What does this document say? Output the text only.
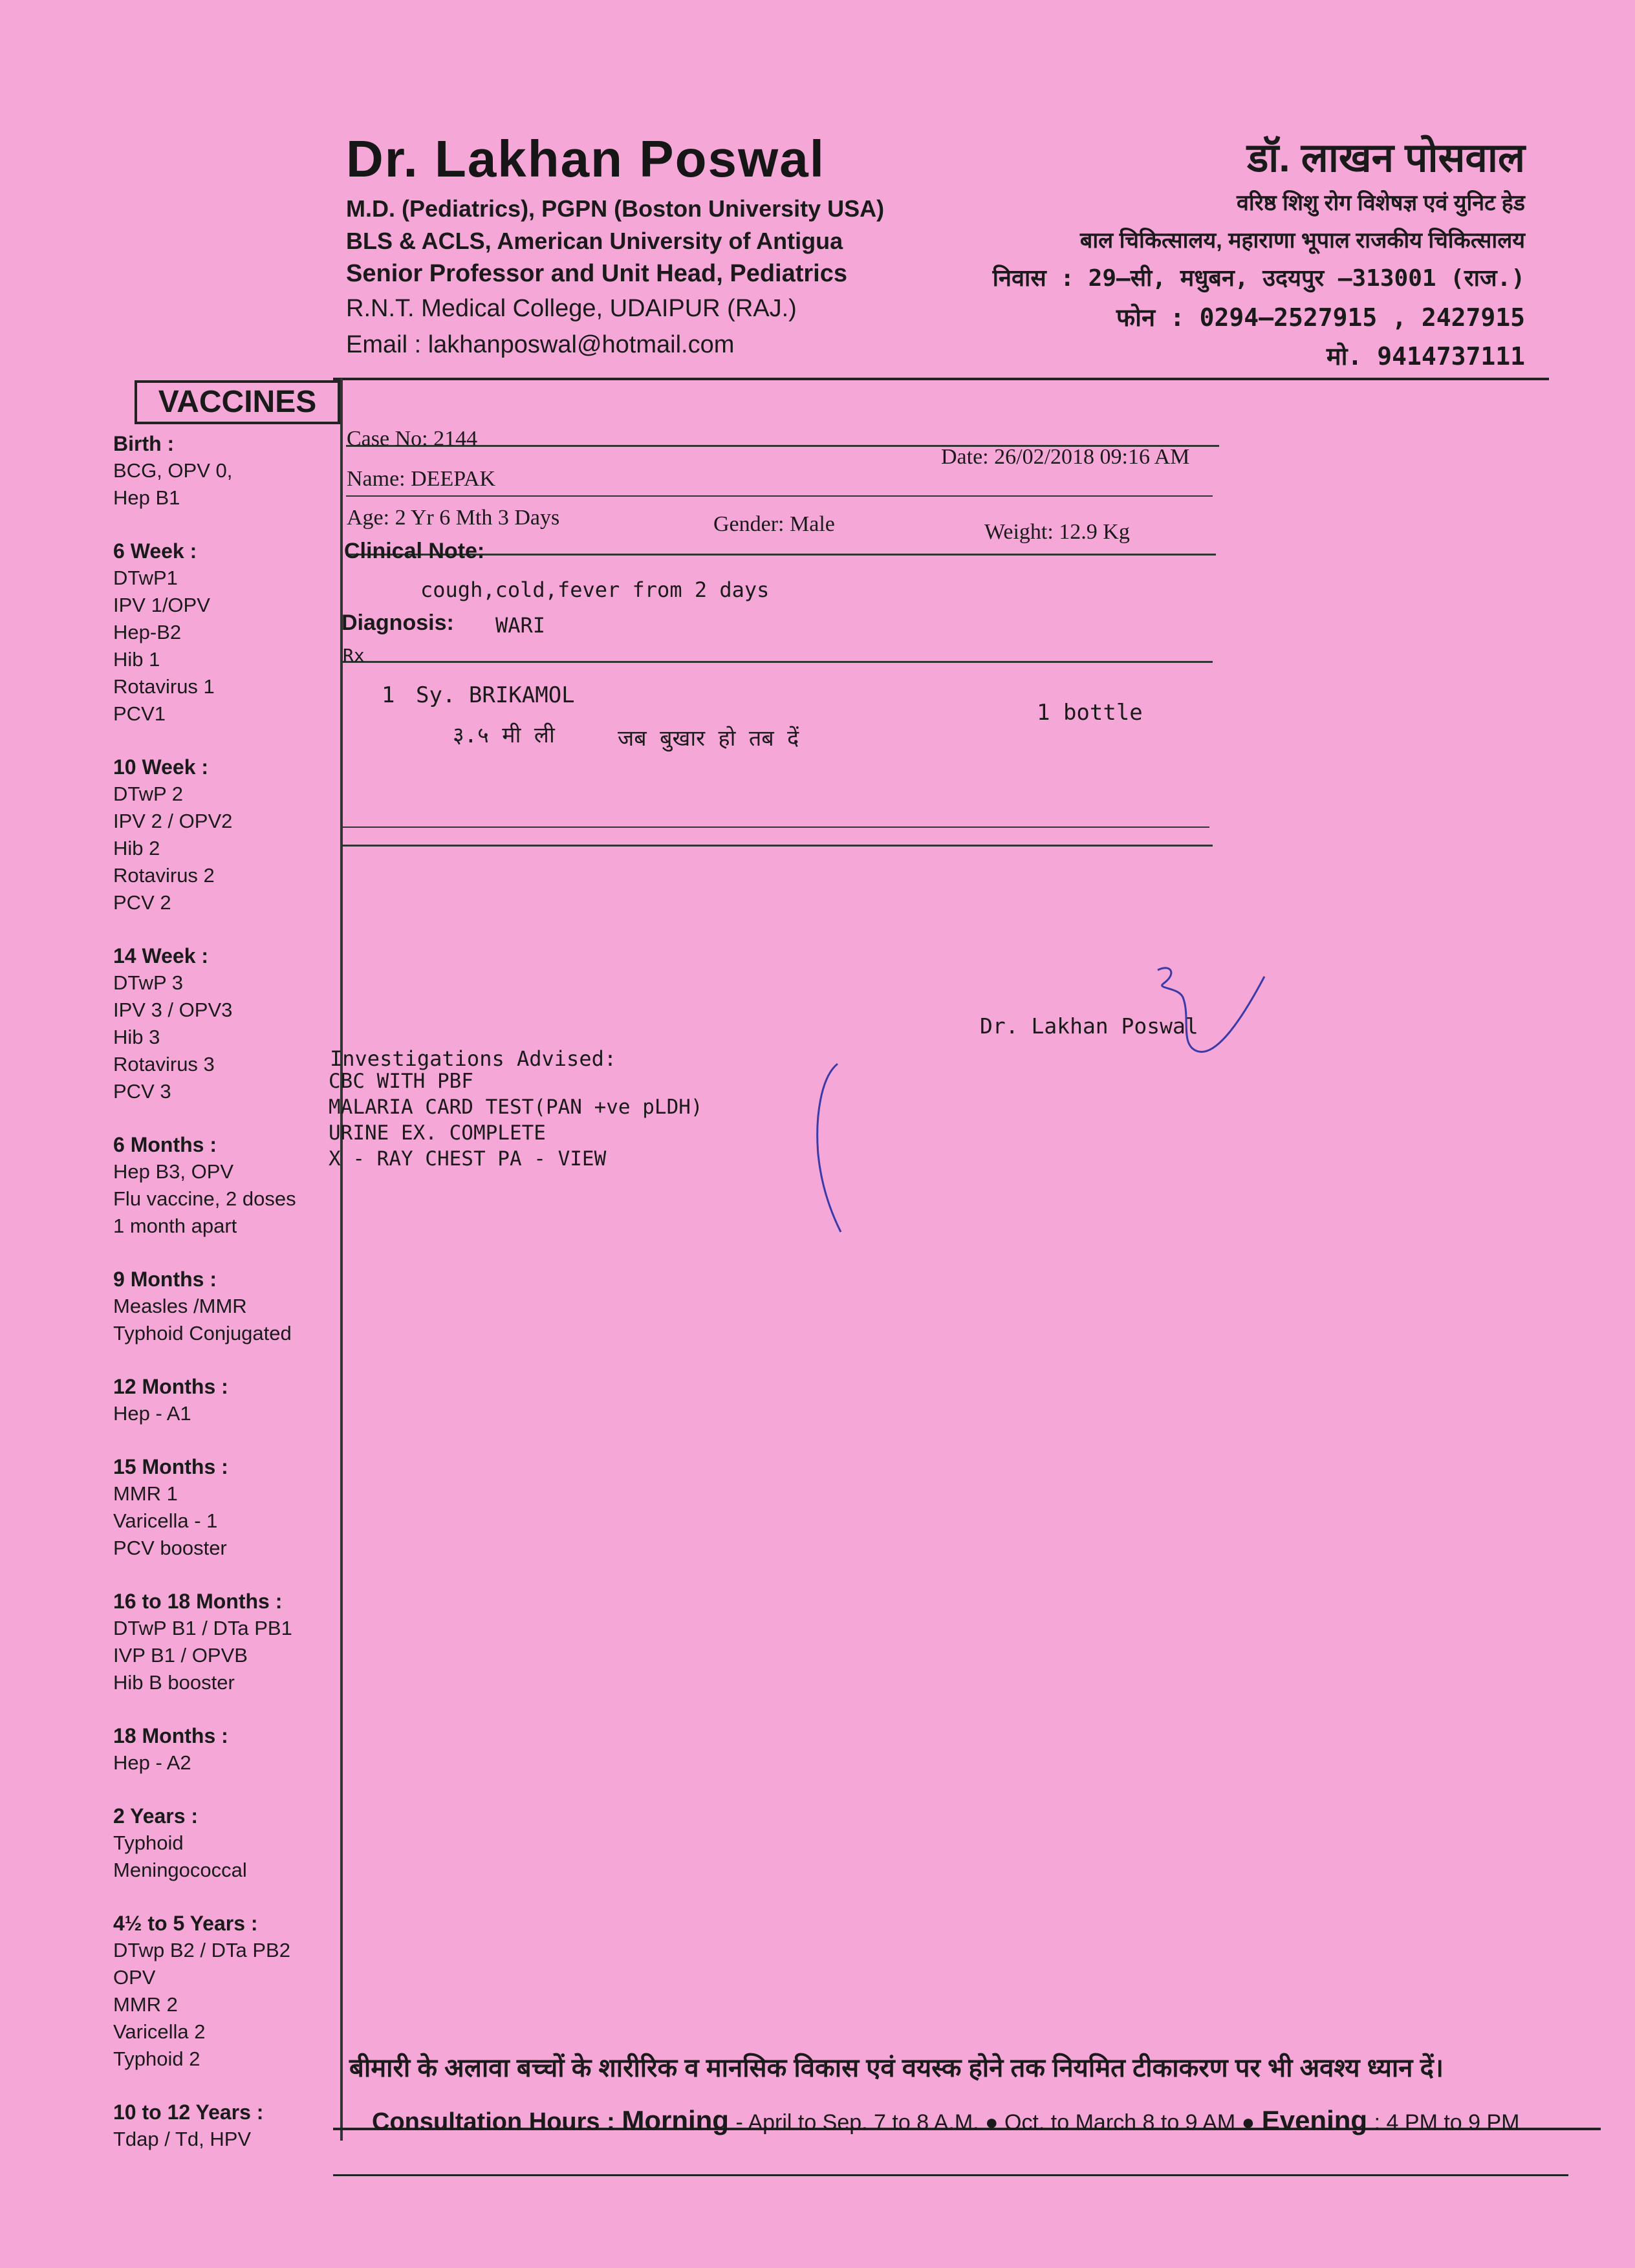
Dr. Lakhan Poswal
M.D. (Pediatrics), PGPN (Boston University USA)
BLS & ACLS, American University of Antigua
Senior Professor and Unit Head, Pediatrics
R.N.T. Medical College, UDAIPUR (RAJ.)
Email : lakhanposwal@hotmail.com
डॉ. लाखन पोसवाल
वरिष्ठ शिशु रोग विशेषज्ञ एवं युनिट हेड
बाल चिकित्सालय, महाराणा भूपाल राजकीय चिकित्सालय
निवास : 29–सी, मधुबन, उदयपुर –313001 (राज.)
फोन : 0294–2527915 , 2427915
मो. 9414737111
VACCINES
Birth :
BCG, OPV 0,
Hep B1
6 Week :
DTwP1
IPV 1/OPV
Hep-B2
Hib 1
Rotavirus 1
PCV1
10 Week :
DTwP 2
IPV 2 / OPV2
Hib 2
Rotavirus 2
PCV 2
14 Week :
DTwP 3
IPV 3 / OPV3
Hib 3
Rotavirus 3
PCV 3
6 Months :
Hep B3, OPV
Flu vaccine, 2 doses
1 month apart
9 Months :
Measles /MMR
Typhoid Conjugated
12 Months :
Hep - A1
15 Months :
MMR 1
Varicella - 1
PCV booster
16 to 18 Months :
DTwP B1 / DTa PB1
IVP B1 / OPVB
Hib B booster
18 Months :
Hep - A2
2 Years :
Typhoid
Meningococcal
4½ to 5 Years :
DTwp B2 / DTa PB2
OPV
MMR 2
Varicella 2
Typhoid 2
10 to 12 Years :
Tdap / Td, HPV
Case No: 2144
Date: 26/02/2018 09:16 AM
Name: DEEPAK
Age: 2 Yr 6 Mth 3 Days	Gender: Male	Weight: 12.9 Kg
Clinical Note:
cough,cold,fever from 2 days
Diagnosis: WARI
Rx
1 Sy. BRIKAMOL
1 bottle
३.५ मी ली	जब बुखार हो तब दें
Dr. Lakhan Poswal
Investigations Advised:
CBC WITH PBF
MALARIA CARD TEST(PAN +ve pLDH)
URINE EX. COMPLETE
X - RAY CHEST PA - VIEW
बीमारी के अलावा बच्चों के शारीरिक व मानसिक विकास एवं वयस्क होने तक नियमित टीकाकरण पर भी अवश्य ध्यान दें।
Consultation Hours : Morning - April to Sep. 7 to 8 A.M. ● Oct. to March 8 to 9 AM ● Evening : 4 PM to 9 PM
